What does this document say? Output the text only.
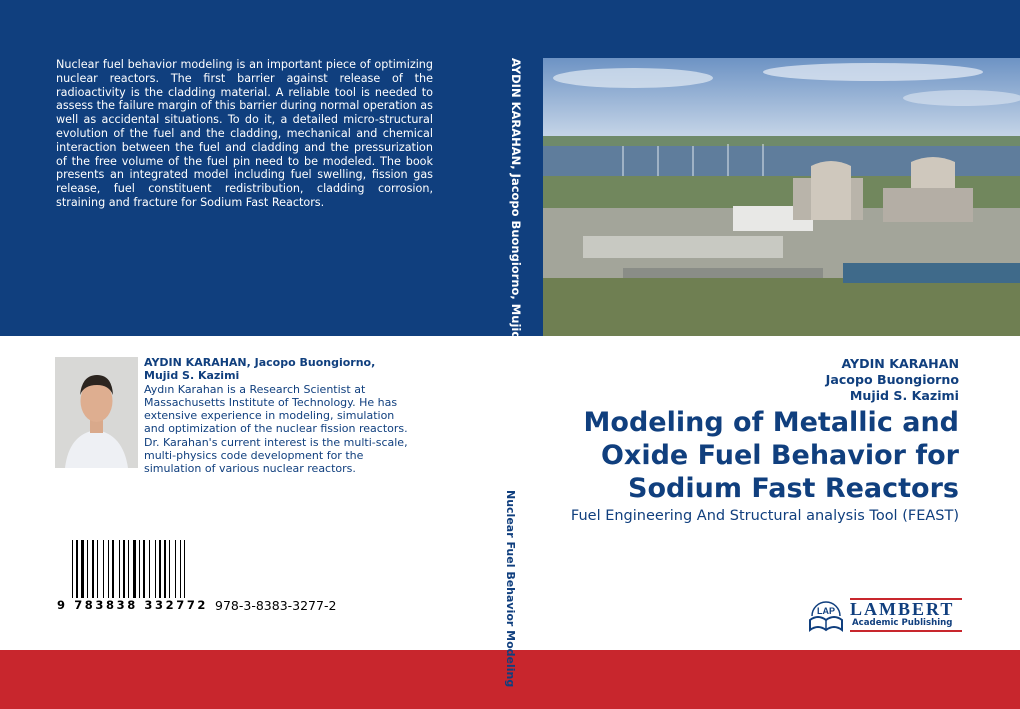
Nuclear fuel behavior modeling is an important piece of optimizing nuclear reactors. The first barrier against release of the radioactivity is the cladding material. A reliable tool is needed to assess the failure margin of this barrier during normal operation as well as accidental situations. To do it, a detailed micro-structural evolution of the fuel and the cladding, mechanical and chemical interaction between the fuel and cladding and the pressurization of the free volume of the fuel pin need to be modeled. The book presents an integrated model including fuel swelling, fission gas release, fuel constituent redistribution, cladding corrosion, straining and fracture for Sodium Fast Reactors.	AYDIN KARAHAN, Jacopo Buongiorno, Mujid S. Kazimi
AYDIN KARAHAN, Jacopo Buongiorno, Mujid S. Kazimi
Aydın Karahan is a Research Scientist at Massachusetts Institute of Technology. He has extensive experience in modeling, simulation and optimization of the nuclear fission reactors. Dr. Karahan's current interest is the multi-scale, multi-physics code development for the simulation of various nuclear reactors.
Nuclear Fuel Behavior Modeling
9 783838 332772 978-3-8383-3277-2
AYDIN KARAHAN
Jacopo Buongiorno
Mujid S. Kazimi
Modeling of Metallic and
Oxide Fuel Behavior for
Sodium Fast Reactors
Fuel Engineering And Structural analysis Tool (FEAST)
LAP LAMBERT
Academic Publishing
